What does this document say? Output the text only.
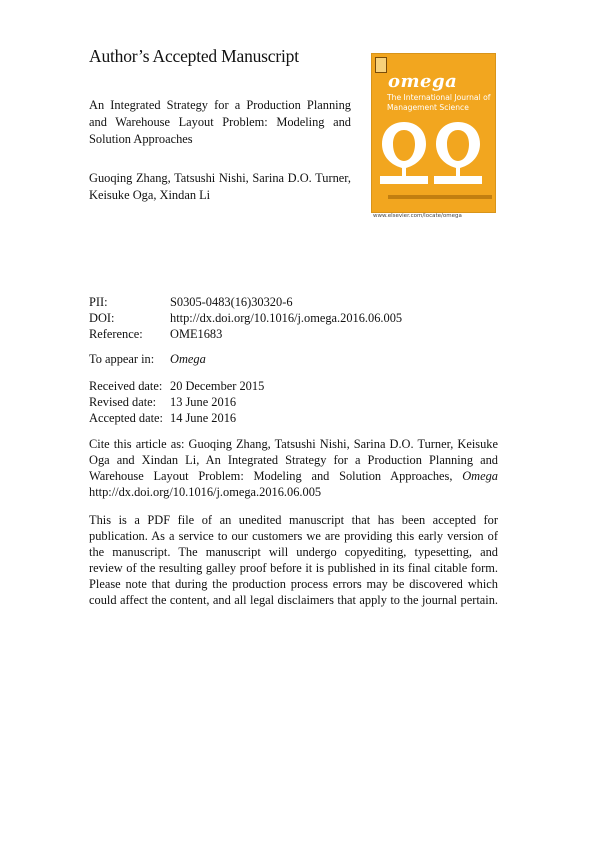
Author’s Accepted Manuscript
An Integrated Strategy for a Production Planning and Warehouse Layout Problem: Modeling and Solution Approaches
Guoqing Zhang, Tatsushi Nishi, Sarina D.O. Turner, Keisuke Oga, Xindan Li
omega
The International Journal of Management Science
www.elsevier.com/locate/omega
PII:	S0305-0483(16)30320-6
DOI:	http://dx.doi.org/10.1016/j.omega.2016.06.005
Reference: OME1683
To appear in: Omega
Received date: 20 December 2015
Revised date: 13 June 2016
Accepted date: 14 June 2016
Cite this article as: Guoqing Zhang, Tatsushi Nishi, Sarina D.O. Turner, Keisuke
Oga and Xindan Li, An Integrated Strategy for a Production Planning and
Warehouse Layout Problem: Modeling and Solution Approaches, Omega
http://dx.doi.org/10.1016/j.omega.2016.06.005
This is a PDF file of an unedited manuscript that has been accepted for
publication. As a service to our customers we are providing this early version of
the manuscript. The manuscript will undergo copyediting, typesetting, and
review of the resulting galley proof before it is published in its final citable form.
Please note that during the production process errors may be discovered which
could affect the content, and all legal disclaimers that apply to the journal pertain.
